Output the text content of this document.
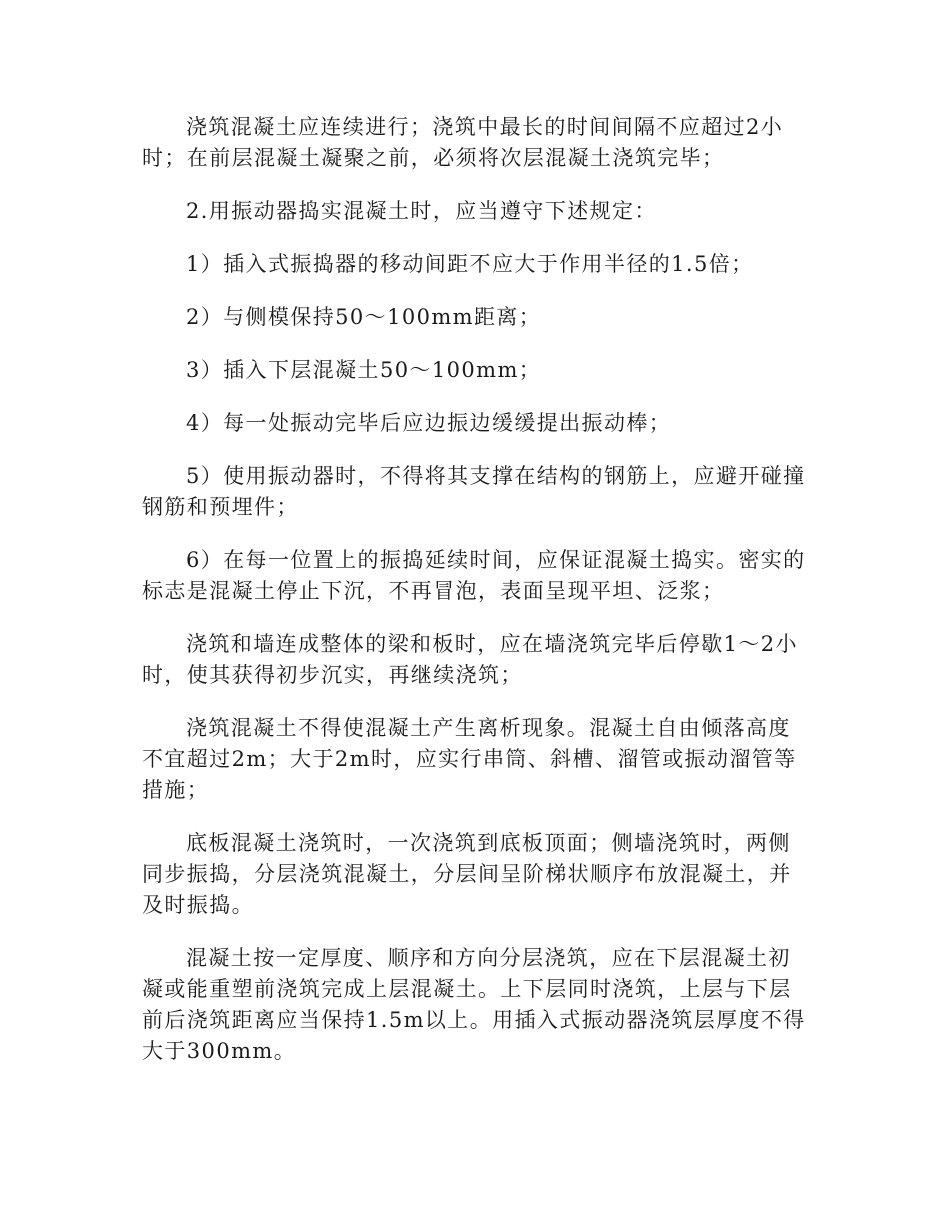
浇筑混凝土应连续进行；浇筑中最长的时间间隔不应超过2小时；在前层混凝土凝聚之前，必须将次层混凝土浇筑完毕；

2.用振动器捣实混凝土时，应当遵守下述规定：

1）插入式振捣器的移动间距不应大于作用半径的1.5倍；

2）与侧模保持50～100mm距离；

3）插入下层混凝土50～100mm；

4）每一处振动完毕后应边振边缓缓提出振动棒；

5）使用振动器时，不得将其支撑在结构的钢筋上，应避开碰撞钢筋和预埋件；

6）在每一位置上的振捣延续时间，应保证混凝土捣实。密实的标志是混凝土停止下沉，不再冒泡，表面呈现平坦、泛浆；

浇筑和墙连成整体的梁和板时，应在墙浇筑完毕后停歇1～2小时，使其获得初步沉实，再继续浇筑；

浇筑混凝土不得使混凝土产生离析现象。混凝土自由倾落高度不宜超过2m；大于2m时，应实行串筒、斜槽、溜管或振动溜管等措施；

底板混凝土浇筑时，一次浇筑到底板顶面；侧墙浇筑时，两侧同步振捣，分层浇筑混凝土，分层间呈阶梯状顺序布放混凝土，并及时振捣。

混凝土按一定厚度、顺序和方向分层浇筑，应在下层混凝土初凝或能重塑前浇筑完成上层混凝土。上下层同时浇筑，上层与下层前后浇筑距离应当保持1.5m以上。用插入式振动器浇筑层厚度不得大于300mm。
